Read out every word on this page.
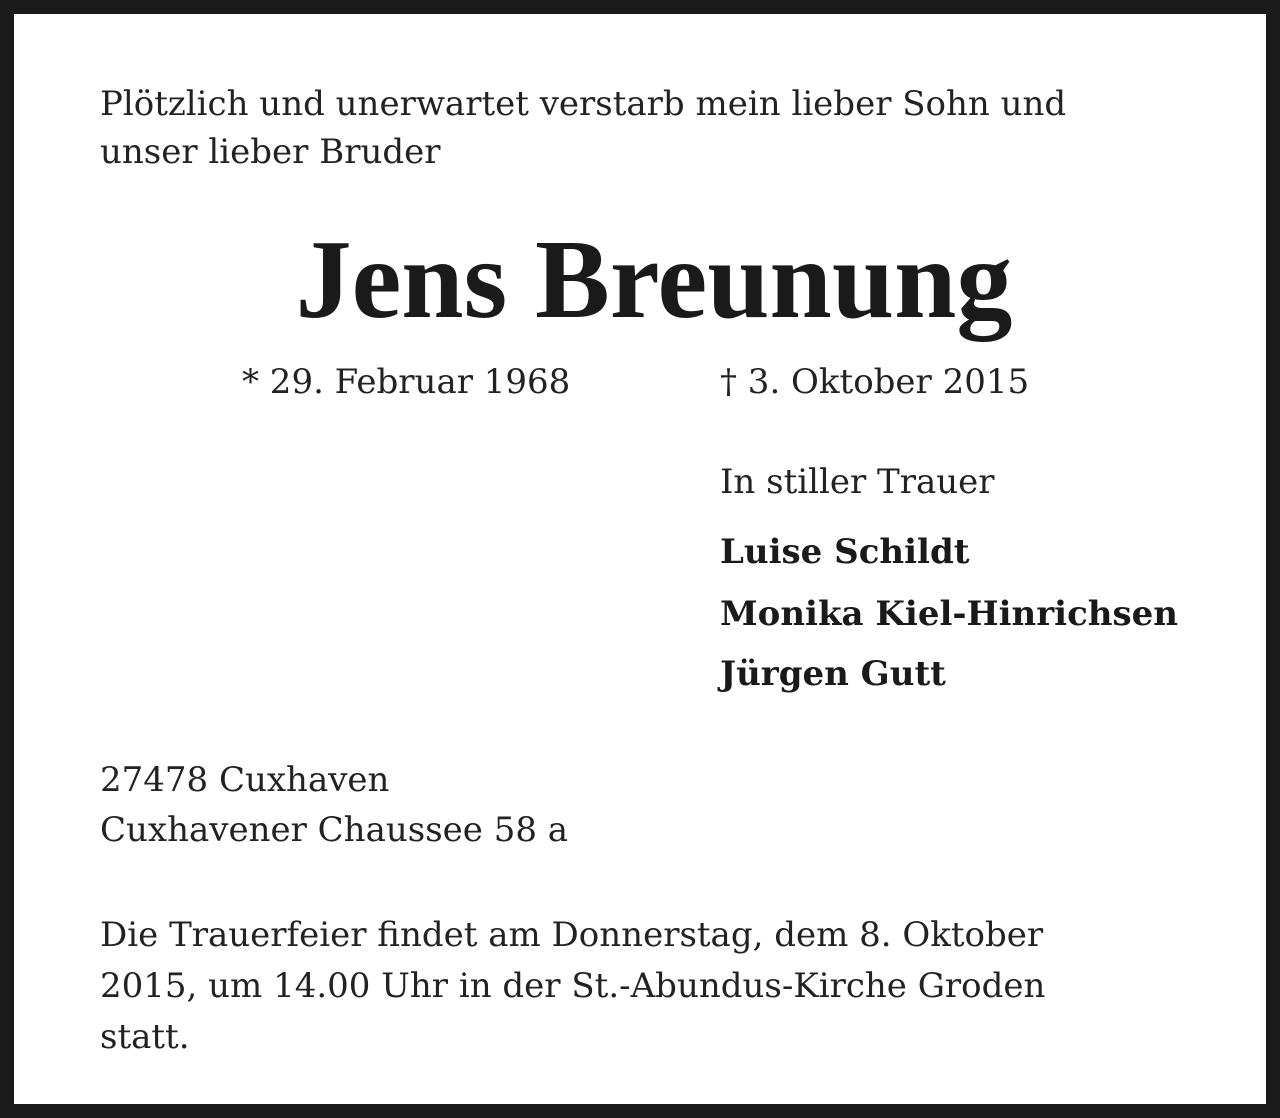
Plötzlich und unerwartet verstarb mein lieber Sohn und
unser lieber Bruder

Jens Breunung
* 29. Februar 1968	† 3. Oktober 2015
In stiller Trauer
Luise Schildt
Monika Kiel-Hinrichsen
Jürgen Gutt
27478 Cuxhaven
Cuxhavener Chaussee 58 a

Die Trauerfeier findet am Donnerstag, dem 8. Oktober
2015, um 14.00 Uhr in der St.-Abundus-Kirche Groden
statt.
